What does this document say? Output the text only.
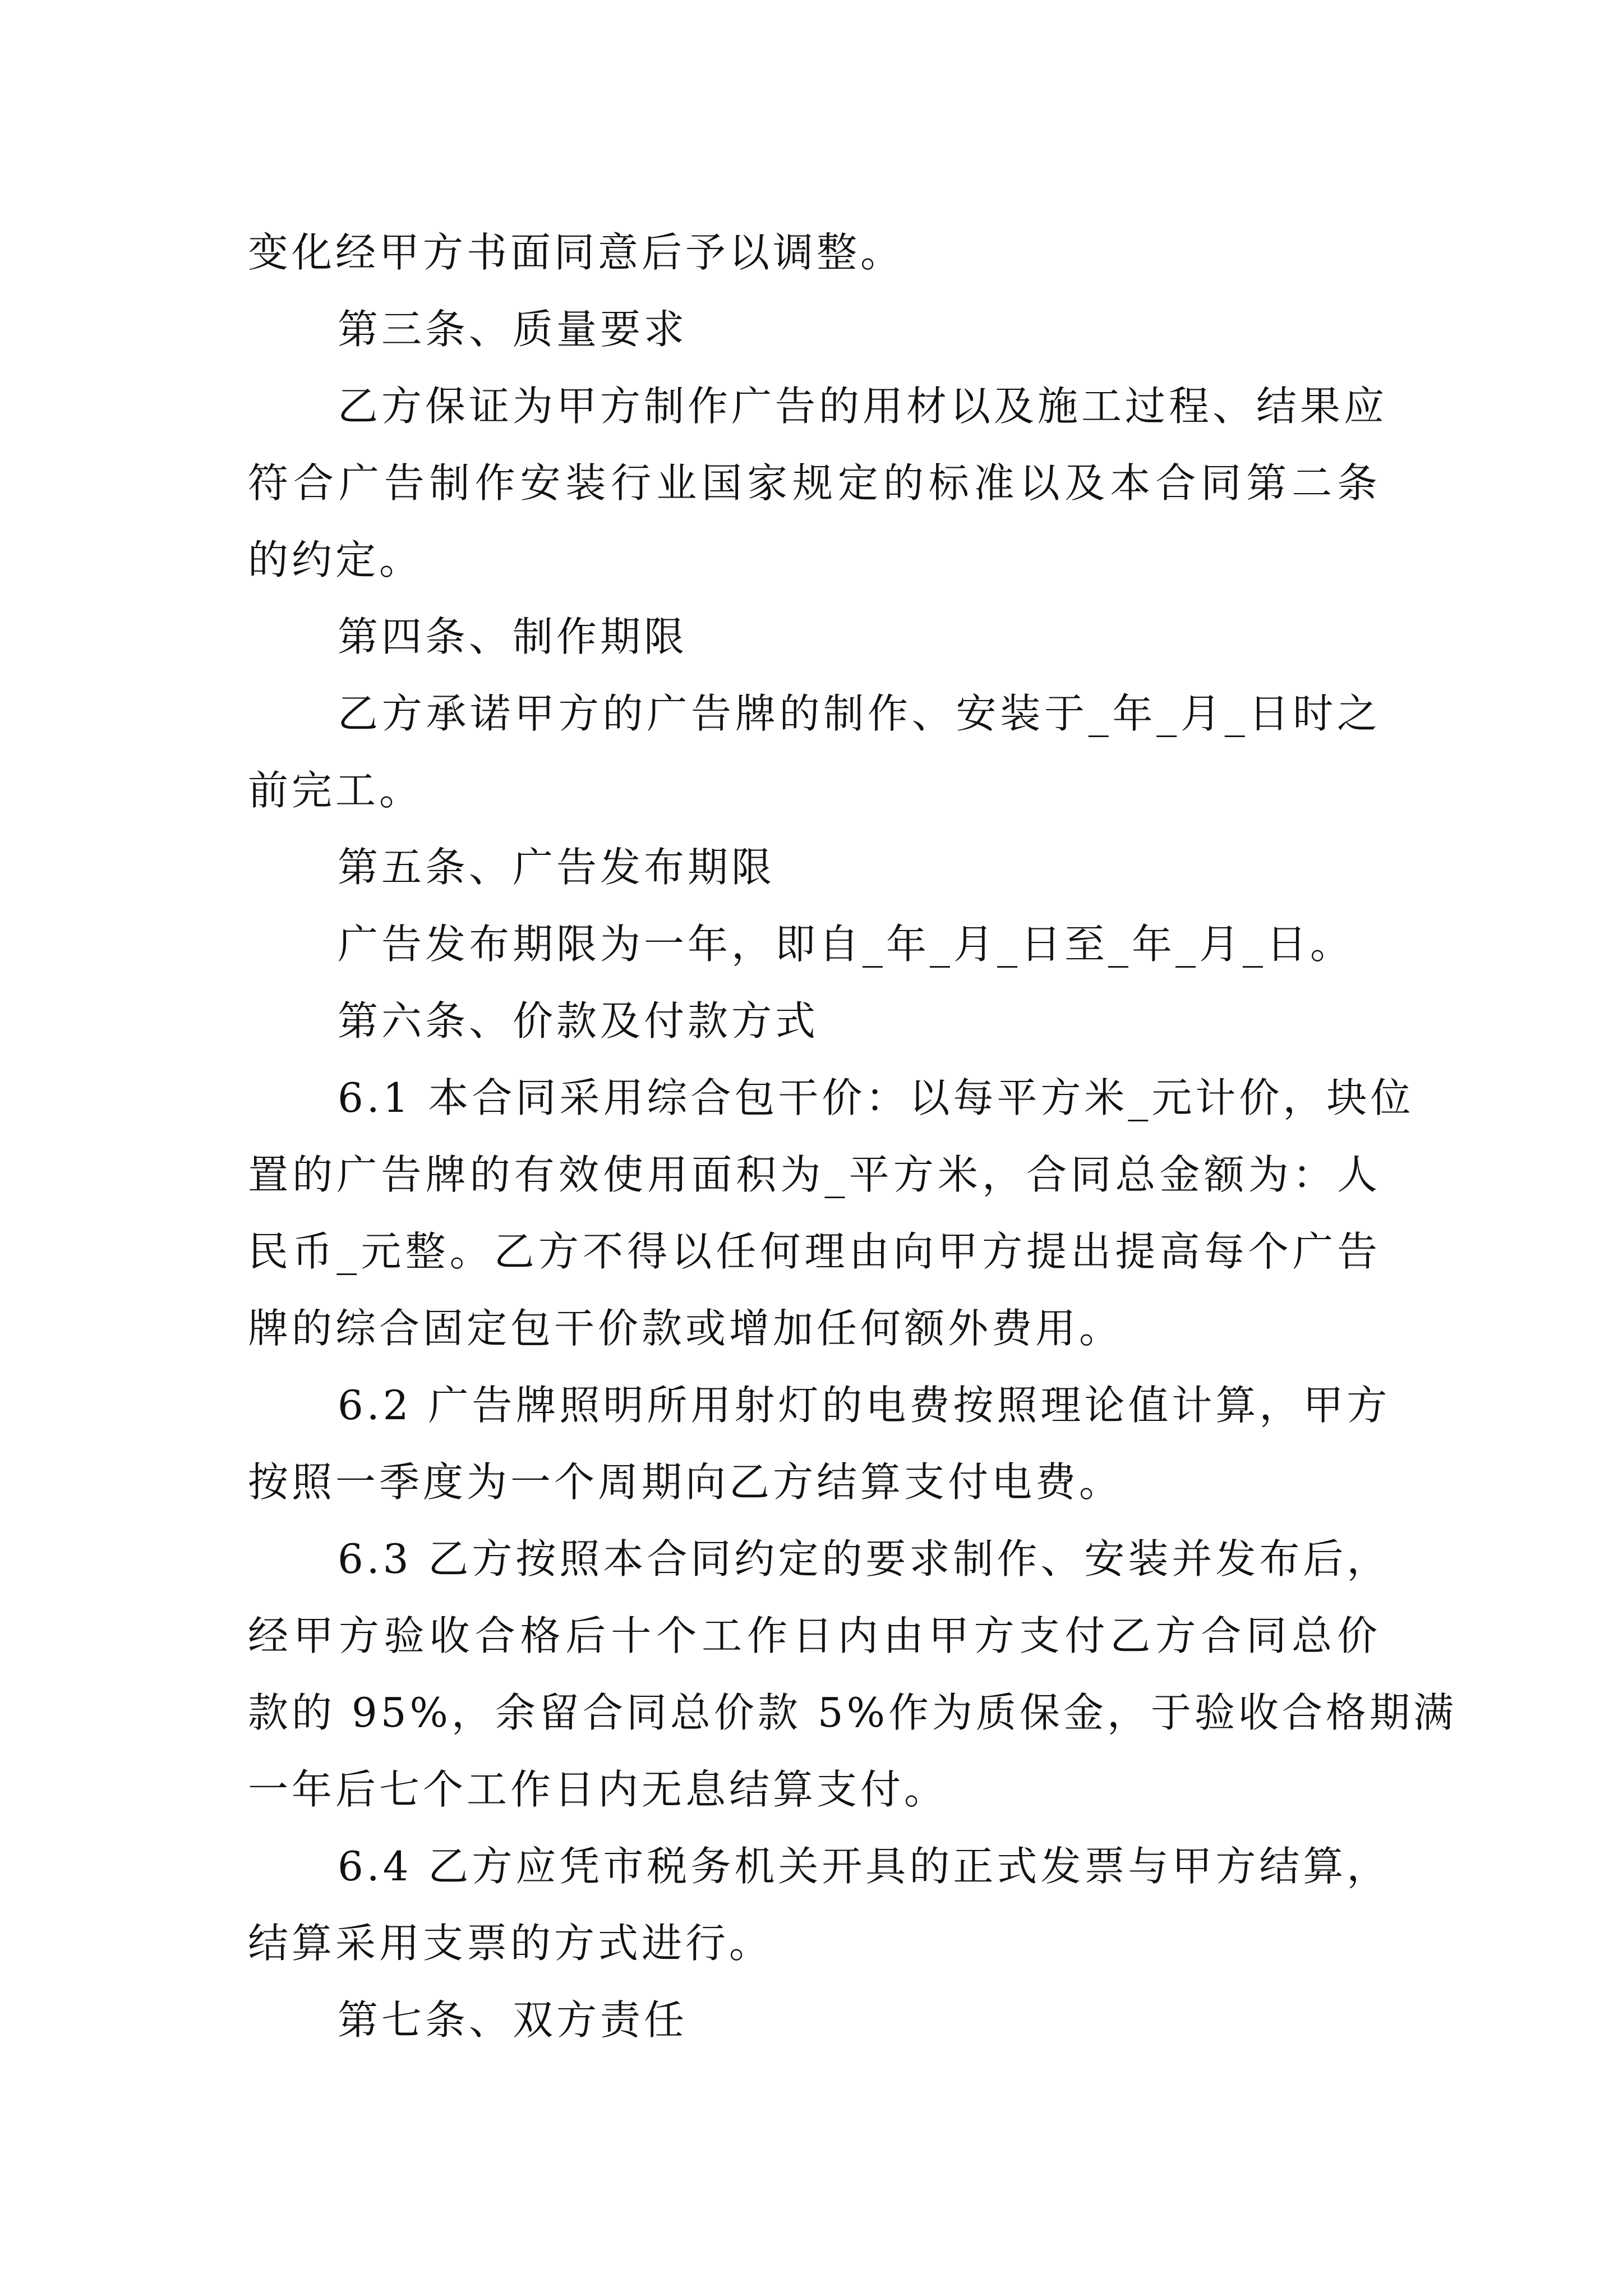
变化经甲方书面同意后予以调整。
第三条、质量要求
乙方保证为甲方制作广告的用材以及施工过程、结果应
符合广告制作安装行业国家规定的标准以及本合同第二条
的约定。
第四条、制作期限
乙方承诺甲方的广告牌的制作、安装于_年_月_日时之
前完工。
第五条、广告发布期限
广告发布期限为一年，即自_年_月_日至_年_月_日。
第六条、价款及付款方式
6.1 本合同采用综合包干价：以每平方米_元计价，块位
置的广告牌的有效使用面积为_平方米，合同总金额为：人
民币_元整。乙方不得以任何理由向甲方提出提高每个广告
牌的综合固定包干价款或增加任何额外费用。
6.2 广告牌照明所用射灯的电费按照理论值计算，甲方
按照一季度为一个周期向乙方结算支付电费。
6.3 乙方按照本合同约定的要求制作、安装并发布后，
经甲方验收合格后十个工作日内由甲方支付乙方合同总价
款的 95%，余留合同总价款 5%作为质保金，于验收合格期满
一年后七个工作日内无息结算支付。
6.4 乙方应凭市税务机关开具的正式发票与甲方结算，
结算采用支票的方式进行。
第七条、双方责任
